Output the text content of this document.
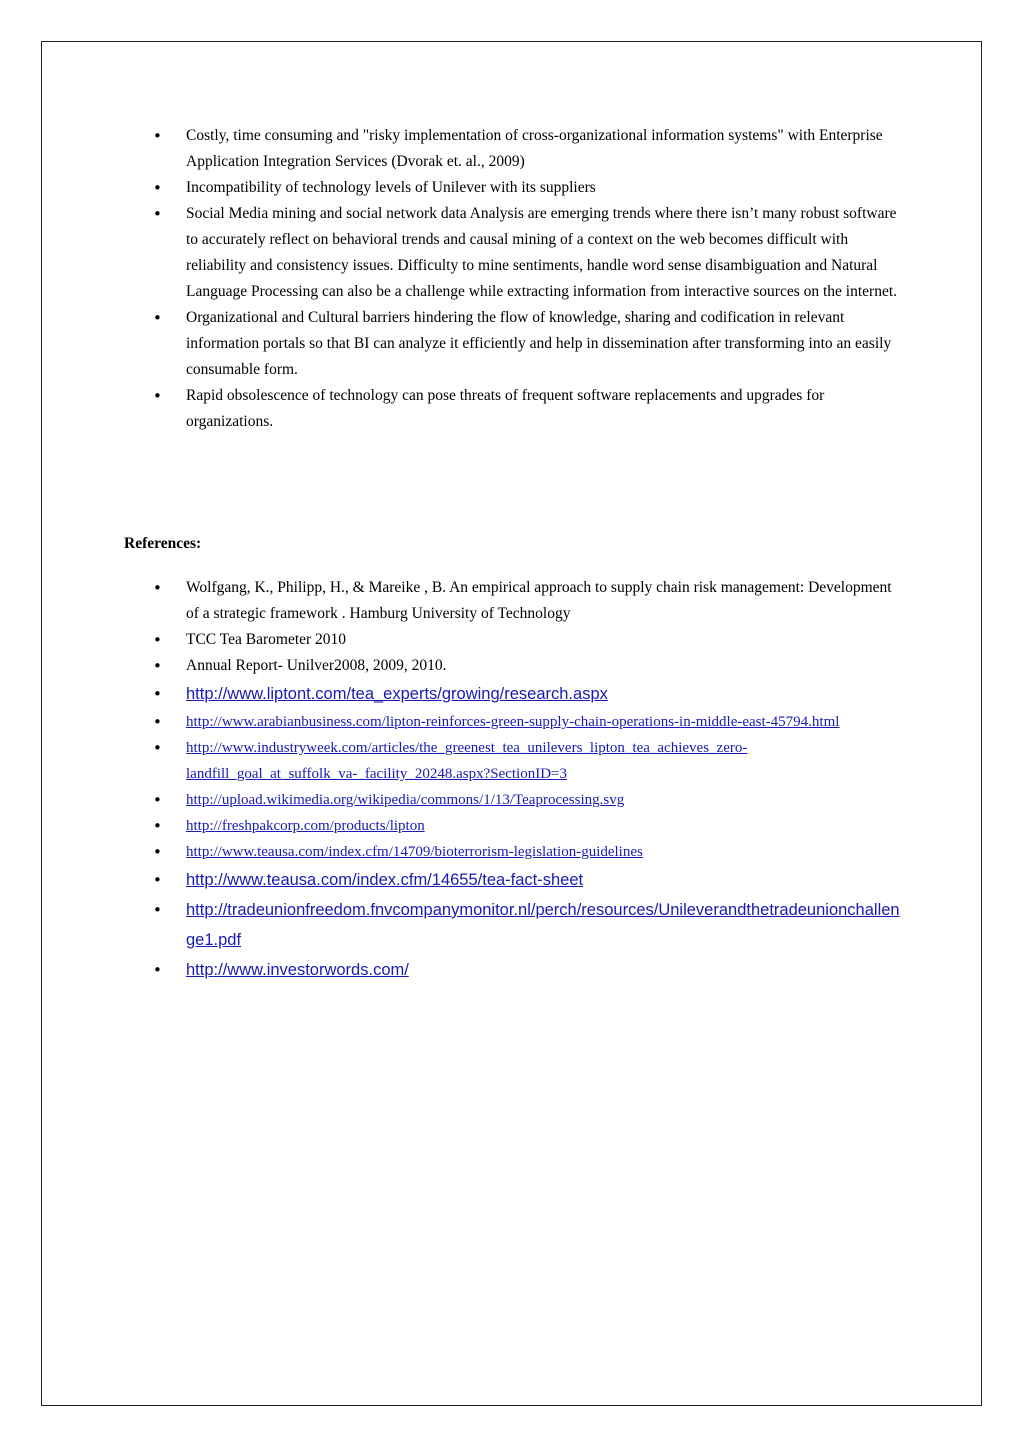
• Costly, time consuming and "risky implementation of cross-organizational information systems" with Enterprise Application Integration Services (Dvorak et. al., 2009)
• Incompatibility of technology levels of Unilever with its suppliers
• Social Media mining and social network data Analysis are emerging trends where there isn’t many robust software to accurately reflect on behavioral trends and causal mining of a context on the web becomes difficult with reliability and consistency issues. Difficulty to mine sentiments, handle word sense disambiguation and Natural Language Processing can also be a challenge while extracting information from interactive sources on the internet.
• Organizational and Cultural barriers hindering the flow of knowledge, sharing and codification in relevant information portals so that BI can analyze it efficiently and help in dissemination after transforming into an easily consumable form.
• Rapid obsolescence of technology can pose threats of frequent software replacements and upgrades for organizations.
References:
• Wolfgang, K., Philipp, H., & Mareike , B. An empirical approach to supply chain risk management: Development of a strategic framework . Hamburg University of Technology
• TCC Tea Barometer 2010
• Annual Report- Unilver2008, 2009, 2010.
• http://www.liptont.com/tea_experts/growing/research.aspx
• http://www.arabianbusiness.com/lipton-reinforces-green-supply-chain-operations-in-middle-east-45794.html
• http://www.industryweek.com/articles/the_greenest_tea_unilevers_lipton_tea_achieves_zero-landfill_goal_at_suffolk_va-_facility_20248.aspx?SectionID=3
• http://upload.wikimedia.org/wikipedia/commons/1/13/Teaprocessing.svg
• http://freshpakcorp.com/products/lipton
• http://www.teausa.com/index.cfm/14709/bioterrorism-legislation-guidelines
• http://www.teausa.com/index.cfm/14655/tea-fact-sheet
• http://tradeunionfreedom.fnvcompanymonitor.nl/perch/resources/Unileverandthetradeunionchallenge1.pdf
• http://www.investorwords.com/
